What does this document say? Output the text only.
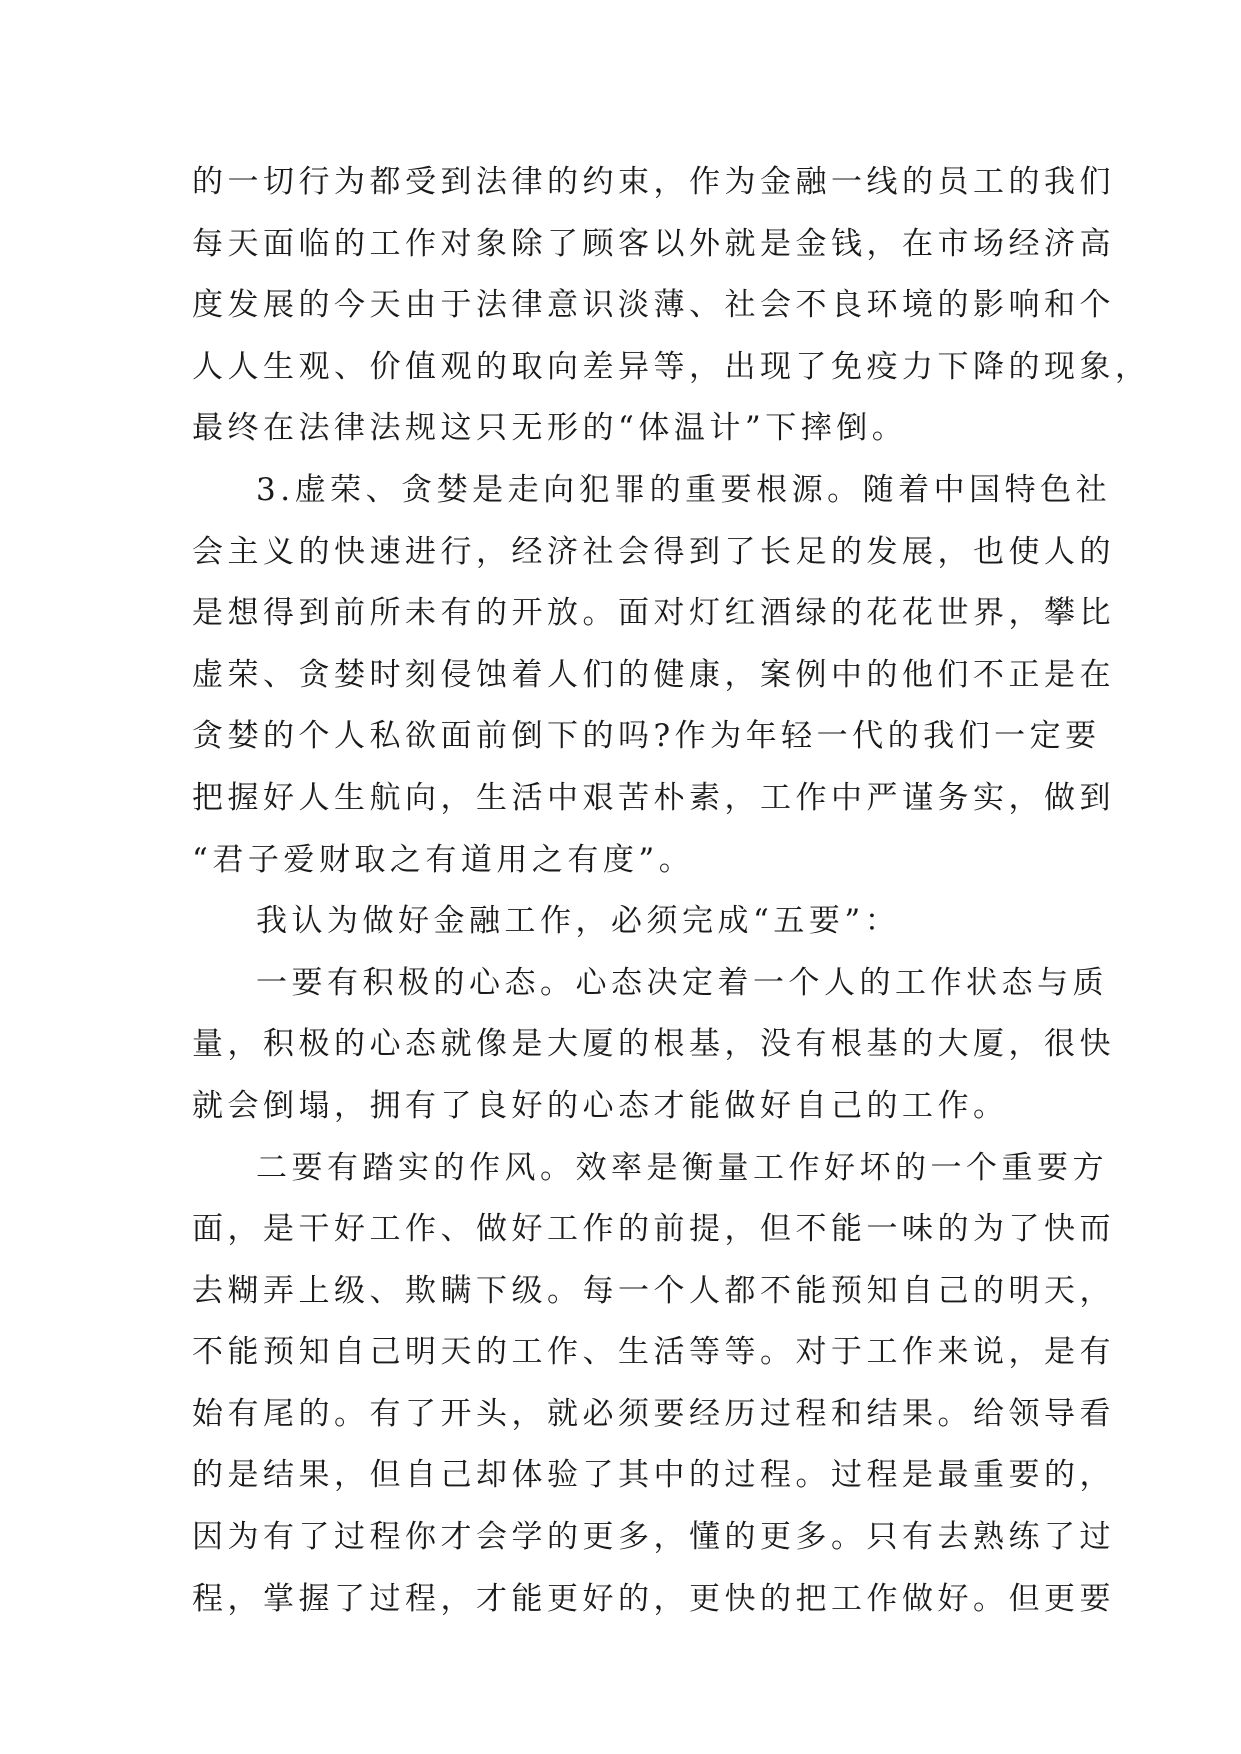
的一切行为都受到法律的约束，作为金融一线的员工的我们
每天面临的工作对象除了顾客以外就是金钱，在市场经济高
度发展的今天由于法律意识淡薄、社会不良环境的影响和个
人人生观、价值观的取向差异等，出现了免疫力下降的现象，
最终在法律法规这只无形的“体温计”下摔倒。
3.虚荣、贪婪是走向犯罪的重要根源。随着中国特色社
会主义的快速进行，经济社会得到了长足的发展，也使人的
是想得到前所未有的开放。面对灯红酒绿的花花世界，攀比
虚荣、贪婪时刻侵蚀着人们的健康，案例中的他们不正是在
贪婪的个人私欲面前倒下的吗?作为年轻一代的我们一定要
把握好人生航向，生活中艰苦朴素，工作中严谨务实，做到
“君子爱财取之有道用之有度”。
我认为做好金融工作，必须完成“五要”：
一要有积极的心态。心态决定着一个人的工作状态与质
量，积极的心态就像是大厦的根基，没有根基的大厦，很快
就会倒塌，拥有了良好的心态才能做好自己的工作。
二要有踏实的作风。效率是衡量工作好坏的一个重要方
面，是干好工作、做好工作的前提，但不能一味的为了快而
去糊弄上级、欺瞒下级。每一个人都不能预知自己的明天，
不能预知自己明天的工作、生活等等。对于工作来说，是有
始有尾的。有了开头，就必须要经历过程和结果。给领导看
的是结果，但自己却体验了其中的过程。过程是最重要的，
因为有了过程你才会学的更多，懂的更多。只有去熟练了过
程，掌握了过程，才能更好的，更快的把工作做好。但更要
